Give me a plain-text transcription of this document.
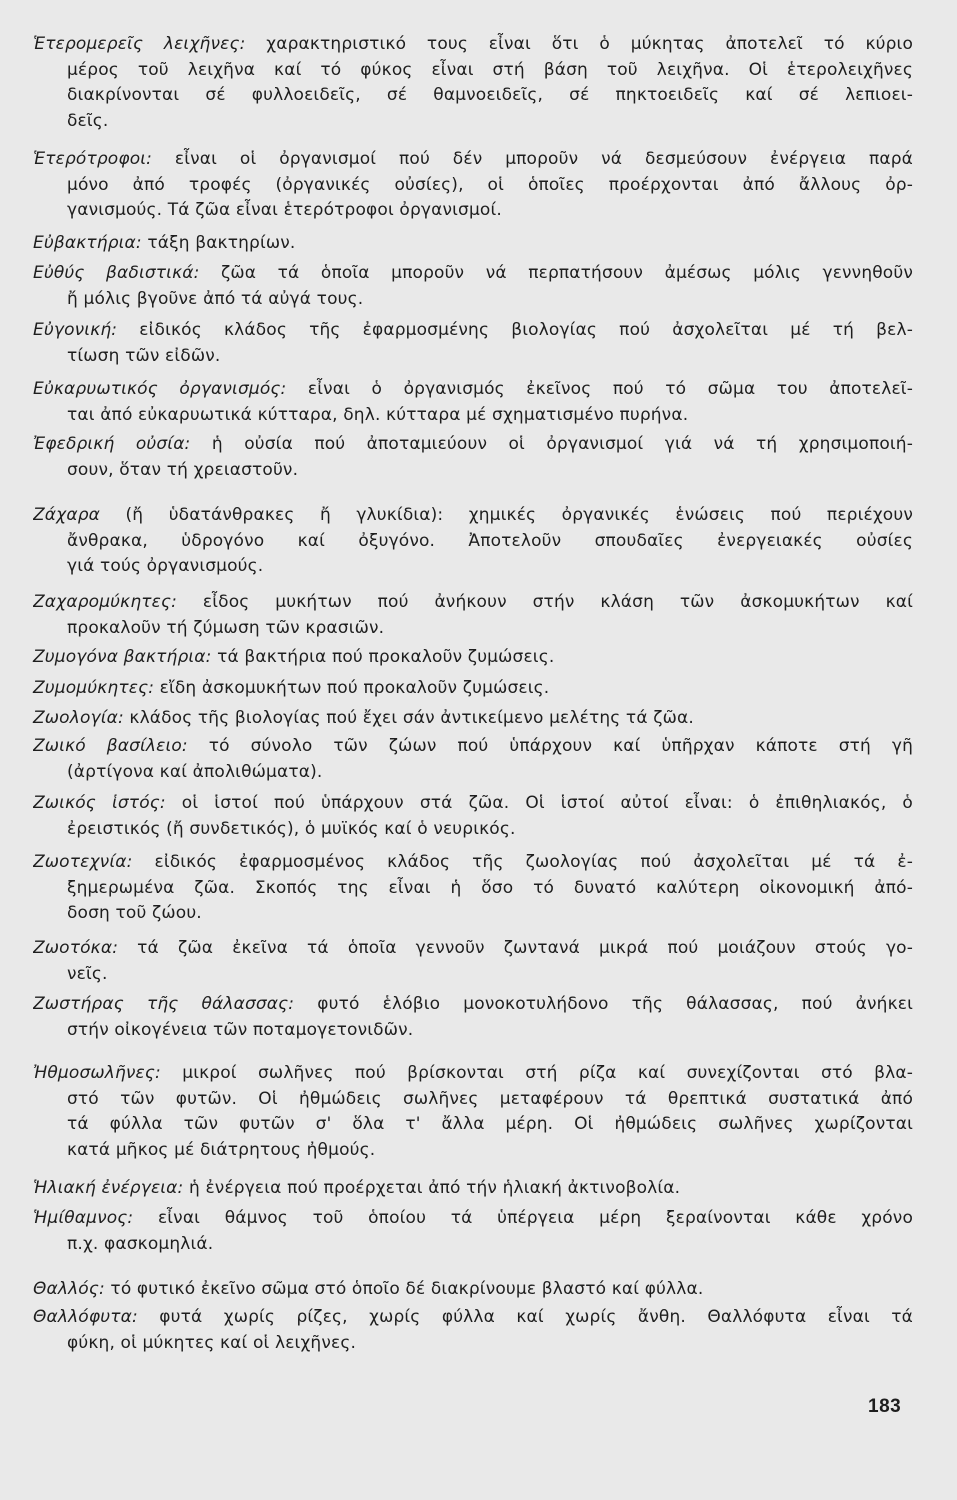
Ἑτερομερεῖς λειχῆνες: χαρακτηριστικό τους εἶναι ὅτι ὁ μύκητας ἀποτελεῖ τό κύριο
μέρος τοῦ λειχῆνα καί τό φύκος εἶναι στή βάση τοῦ λειχῆνα. Οἱ ἑτερολειχῆνες
διακρίνονται σέ φυλλοειδεῖς, σέ θαμνοειδεῖς, σέ πηκτοειδεῖς καί σέ λεπιοει-
δεῖς.
Ἑτερότροφοι: εἶναι οἱ ὀργανισμοί πού δέν μποροῦν νά δεσμεύσουν ἐνέργεια παρά
μόνο ἀπό τροφές (ὀργανικές οὐσίες), οἱ ὁποῖες προέρχονται ἀπό ἄλλους ὀρ-
γανισμούς. Τά ζῶα εἶναι ἑτερότροφοι ὀργανισμοί.
Εὐβακτήρια: τάξη βακτηρίων.
Εὐθύς βαδιστικά: ζῶα τά ὁποῖα μποροῦν νά περπατήσουν ἀμέσως μόλις γεννηθοῦν
ἤ μόλις βγοῦνε ἀπό τά αὐγά τους.
Εὐγονική: εἰδικός κλάδος τῆς ἐφαρμοσμένης βιολογίας πού ἀσχολεῖται μέ τή βελ-
τίωση τῶν εἰδῶν.
Εὐκαρυωτικός ὀργανισμός: εἶναι ὁ ὀργανισμός ἐκεῖνος πού τό σῶμα του ἀποτελεῖ-
ται ἀπό εὐκαρυωτικά κύτταρα, δηλ. κύτταρα μέ σχηματισμένο πυρήνα.
Ἐφεδρική οὐσία: ἡ οὐσία πού ἀποταμιεύουν οἱ ὀργανισμοί γιά νά τή χρησιμοποιή-
σουν, ὅταν τή χρειαστοῦν.
Ζάχαρα (ἤ ὑδατάνθρακες ἤ γλυκίδια): χημικές ὀργανικές ἑνώσεις πού περιέχουν
ἄνθρακα, ὑδρογόνο καί ὀξυγόνο. Ἀποτελοῦν σπουδαῖες ἐνεργειακές οὐσίες
γιά τούς ὀργανισμούς.
Ζαχαρομύκητες: εἶδος μυκήτων πού ἀνήκουν στήν κλάση τῶν ἀσκομυκήτων καί
προκαλοῦν τή ζύμωση τῶν κρασιῶν.
Ζυμογόνα βακτήρια: τά βακτήρια πού προκαλοῦν ζυμώσεις.
Ζυμομύκητες: εἴδη ἀσκομυκήτων πού προκαλοῦν ζυμώσεις.
Ζωολογία: κλάδος τῆς βιολογίας πού ἔχει σάν ἀντικείμενο μελέτης τά ζῶα.
Ζωικό βασίλειο: τό σύνολο τῶν ζώων πού ὑπάρχουν καί ὑπῆρχαν κάποτε στή γῆ
(ἀρτίγονα καί ἀπολιθώματα).
Ζωικός ἱστός: οἱ ἱστοί πού ὑπάρχουν στά ζῶα. Οἱ ἱστοί αὐτοί εἶναι: ὁ ἐπιθηλιακός, ὁ
ἐρειστικός (ἤ συνδετικός), ὁ μυϊκός καί ὁ νευρικός.
Ζωοτεχνία: εἰδικός ἐφαρμοσμένος κλάδος τῆς ζωολογίας πού ἀσχολεῖται μέ τά ἐ-
ξημερωμένα ζῶα. Σκοπός της εἶναι ἡ ὅσο τό δυνατό καλύτερη οἰκονομική ἀπό-
δοση τοῦ ζώου.
Ζωοτόκα: τά ζῶα ἐκεῖνα τά ὁποῖα γεννοῦν ζωντανά μικρά πού μοιάζουν στούς γο-
νεῖς.
Ζωστήρας τῆς θάλασσας: φυτό ἑλόβιο μονοκοτυλήδονο τῆς θάλασσας, πού ἀνήκει
στήν οἰκογένεια τῶν ποταμογετονιδῶν.
Ἠθμοσωλῆνες: μικροί σωλῆνες πού βρίσκονται στή ρίζα καί συνεχίζονται στό βλα-
στό τῶν φυτῶν. Οἱ ἠθμώδεις σωλῆνες μεταφέρουν τά θρεπτικά συστατικά ἀπό
τά φύλλα τῶν φυτῶν σ' ὅλα τ' ἄλλα μέρη. Οἱ ἠθμώδεις σωλῆνες χωρίζονται
κατά μῆκος μέ διάτρητους ἠθμούς.
Ἡλιακή ἐνέργεια: ἡ ἐνέργεια πού προέρχεται ἀπό τήν ἡλιακή ἀκτινοβολία.
Ἡμίθαμνος: εἶναι θάμνος τοῦ ὁποίου τά ὑπέργεια μέρη ξεραίνονται κάθε χρόνο
π.χ. φασκομηλιά.
Θαλλός: τό φυτικό ἐκεῖνο σῶμα στό ὁποῖο δέ διακρίνουμε βλαστό καί φύλλα.
Θαλλόφυτα: φυτά χωρίς ρίζες, χωρίς φύλλα καί χωρίς ἄνθη. Θαλλόφυτα εἶναι τά
φύκη, οἱ μύκητες καί οἱ λειχῆνες.
183
